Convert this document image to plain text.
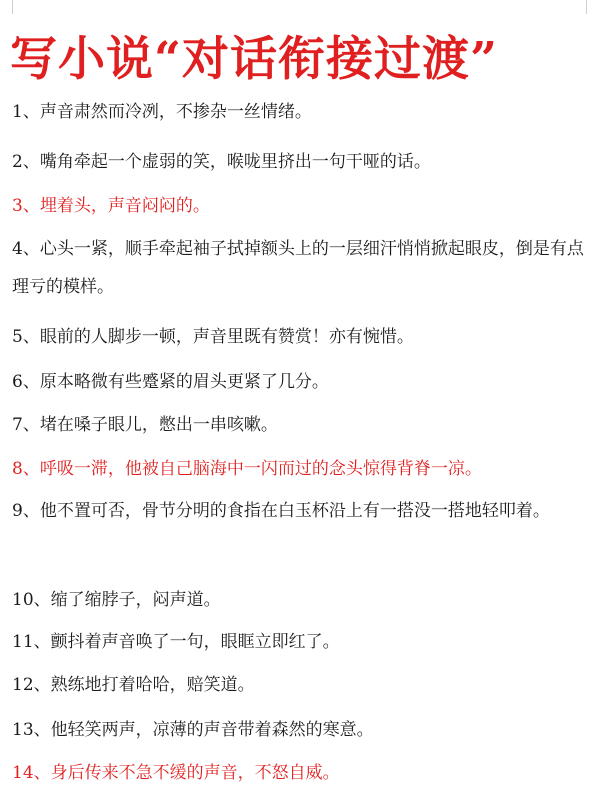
写小说“对话衔接过渡”
1、声音肃然而冷冽，不掺杂一丝情绪。
2、嘴角牵起一个虚弱的笑，喉咙里挤出一句干哑的话。
3、埋着头，声音闷闷的。
4、心头一紧，顺手牵起袖子拭掉额头上的一层细汗悄悄掀起眼皮，倒是有点理亏的模样。
5、眼前的人脚步一顿，声音里既有赞赏！亦有惋惜。
6、原本略微有些蹙紧的眉头更紧了几分。
7、堵在嗓子眼儿，憋出一串咳嗽。
8、呼吸一滞，他被自己脑海中一闪而过的念头惊得背脊一凉。
9、他不置可否，骨节分明的食指在白玉杯沿上有一搭没一搭地轻叩着。
10、缩了缩脖子，闷声道。
11、颤抖着声音唤了一句，眼眶立即红了。
12、熟练地打着哈哈，赔笑道。
13、他轻笑两声，凉薄的声音带着森然的寒意。
14、身后传来不急不缓的声音，不怒自威。
